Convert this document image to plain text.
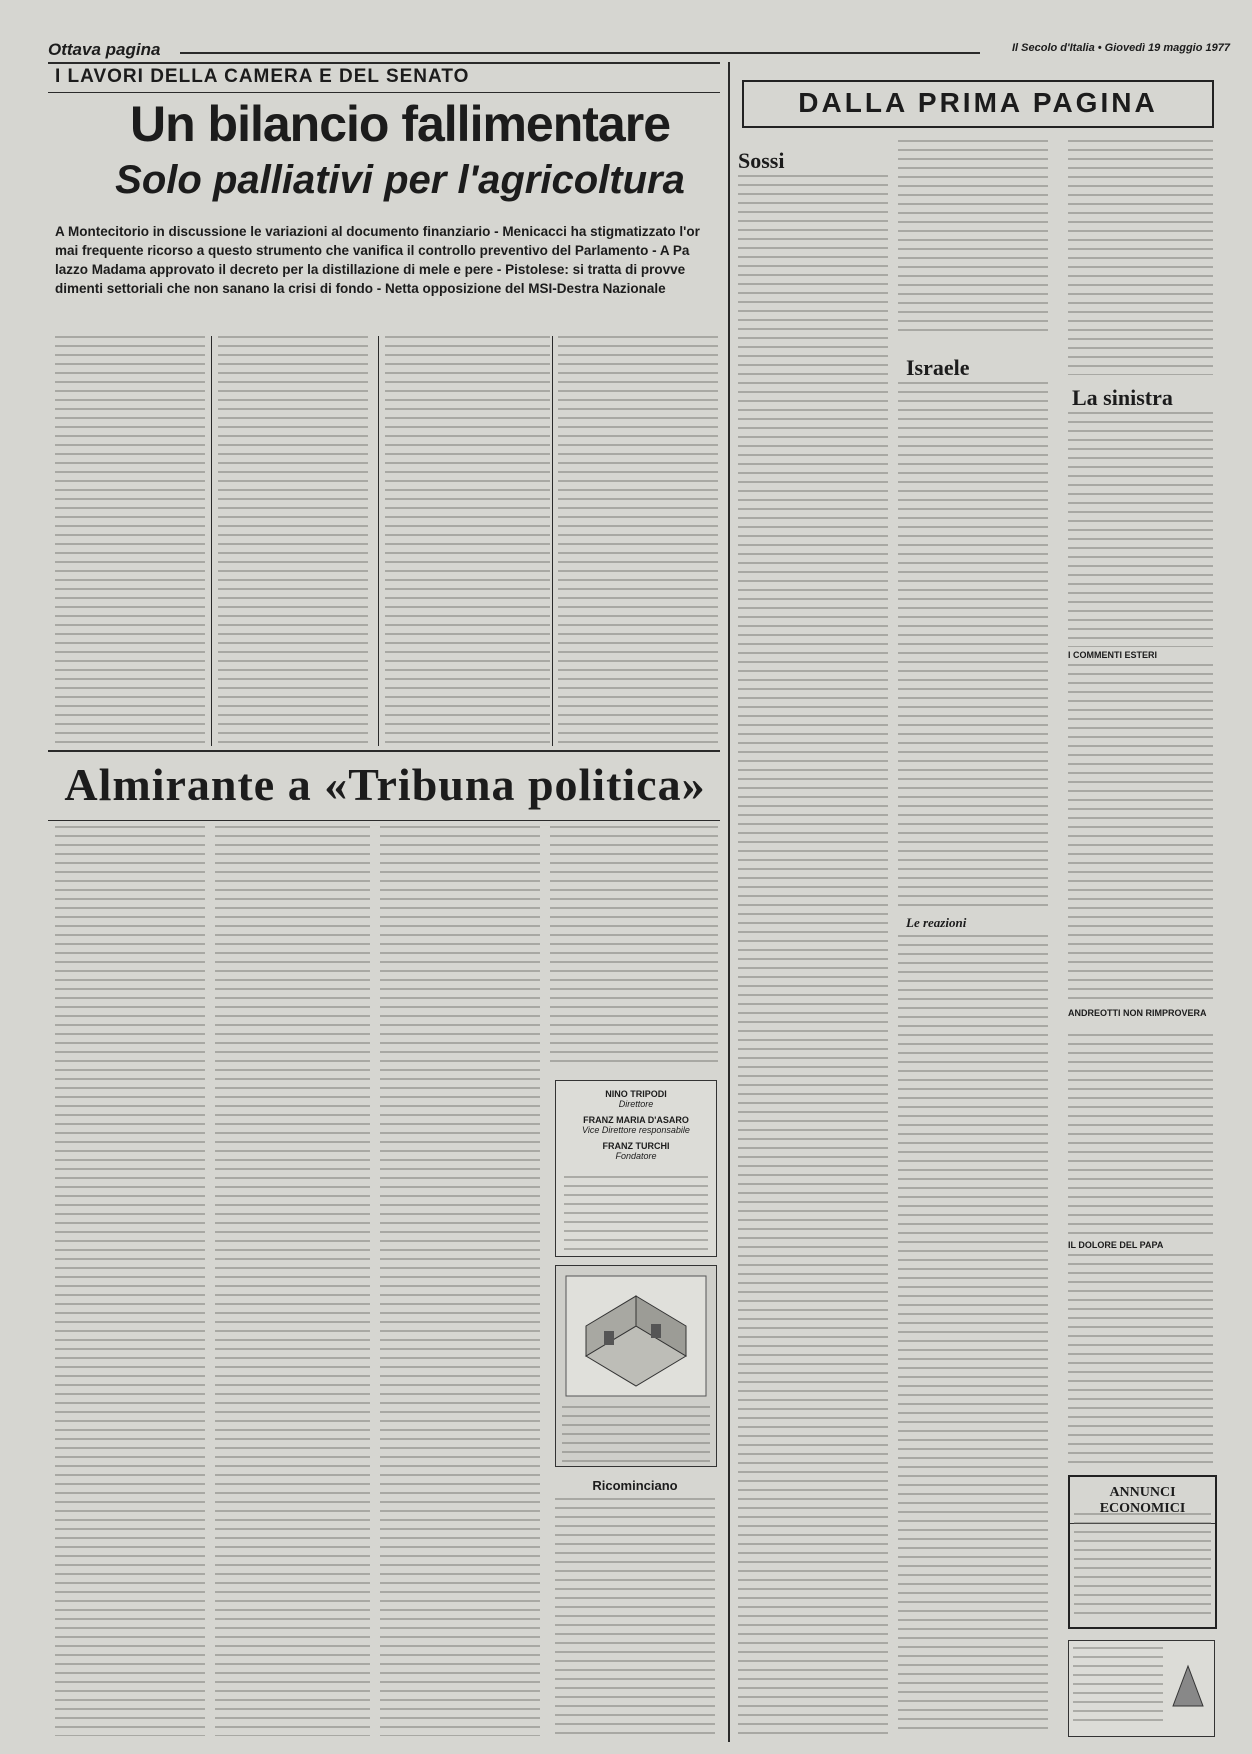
Ottava pagina	Il Secolo d'Italia • Giovedì 19 maggio 1977
I LAVORI DELLA CAMERA E DEL SENATO
Un bilancio fallimentare
Solo palliativi per l'agricoltura
A Montecitorio in discussione le variazioni al documento finanziario - Menicacci ha stigmatizzato l'or mai frequente ricorso a questo strumento che vanifica il controllo preventivo del Parlamento - A Pa lazzo Madama approvato il decreto per la distillazione di mele e pere - Pistolese: si tratta di provve dimenti settoriali che non sanano la crisi di fondo - Netta opposizione del MSI-Destra Nazionale
Almirante a «Tribuna politica»
NINO TRIPODI
Direttore
FRANZ MARIA D'ASARO
Vice Direttore responsabile
FRANZ TURCHI
Fondatore
Ricominciano
DALLA PRIMA PAGINA
Sossi
Israele
Le reazioni
La sinistra
I COMMENTI ESTERI
ANDREOTTI NON RIMPROVERA
IL DOLORE DEL PAPA
ANNUNCI ECONOMICI
